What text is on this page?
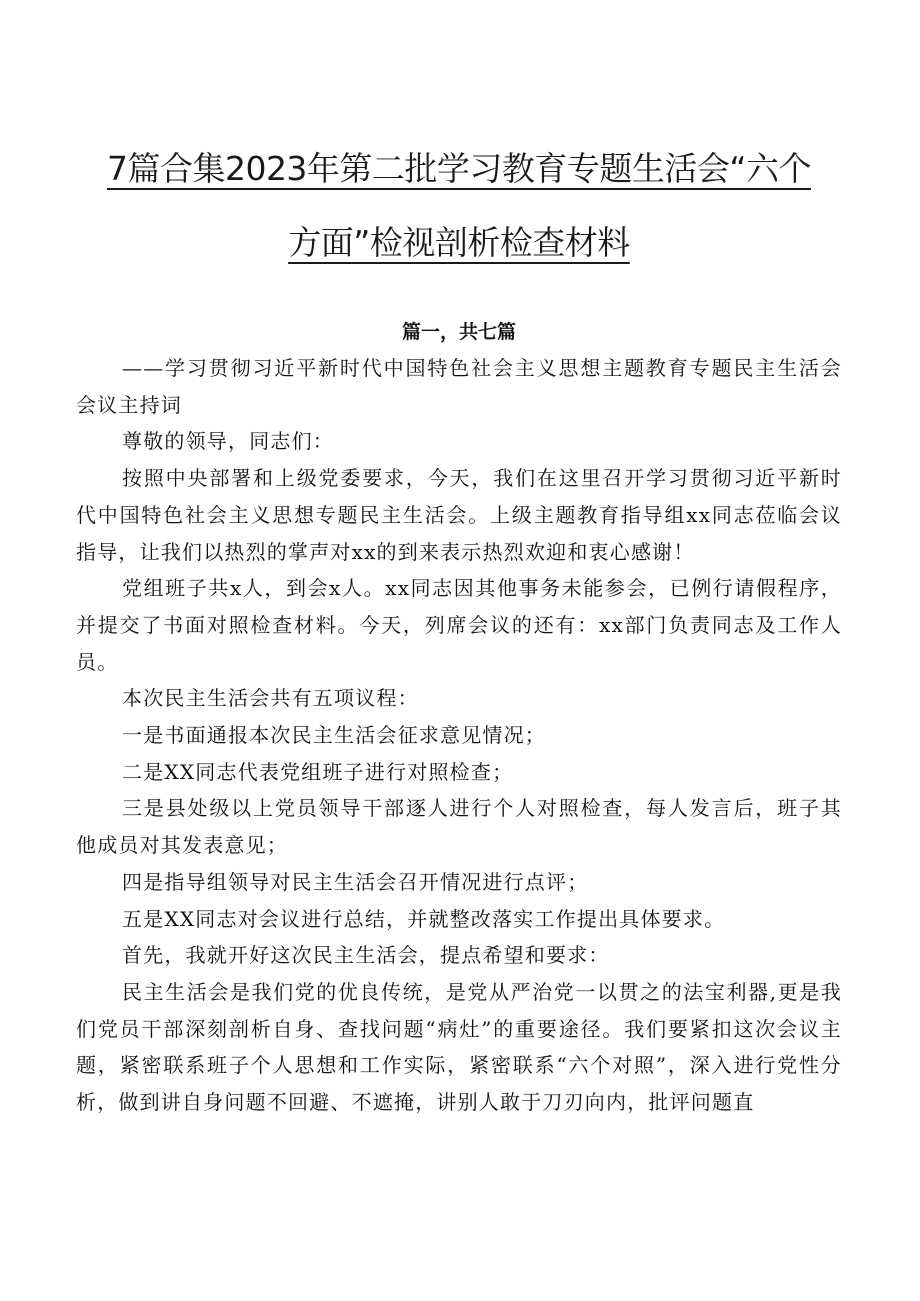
7篇合集2023年第二批学习教育专题生活会“六个
方面”检视剖析检查材料
篇一，共七篇

——学习贯彻习近平新时代中国特色社会主义思想主题教育专题民主生活会会议主持词

尊敬的领导，同志们：

按照中央部署和上级党委要求，今天，我们在这里召开学习贯彻习近平新时代中国特色社会主义思想专题民主生活会。上级主题教育指导组xx同志莅临会议指导，让我们以热烈的掌声对xx的到来表示热烈欢迎和衷心感谢！

党组班子共x人，到会x人。xx同志因其他事务未能参会，已例行请假程序，并提交了书面对照检查材料。今天，列席会议的还有：xx部门负责同志及工作人员。

本次民主生活会共有五项议程：

一是书面通报本次民主生活会征求意见情况；

二是XX同志代表党组班子进行对照检查；

三是县处级以上党员领导干部逐人进行个人对照检查，每人发言后，班子其他成员对其发表意见；

四是指导组领导对民主生活会召开情况进行点评；

五是XX同志对会议进行总结，并就整改落实工作提出具体要求。

首先，我就开好这次民主生活会，提点希望和要求：

民主生活会是我们党的优良传统，是党从严治党一以贯之的法宝利器,更是我们党员干部深刻剖析自身、查找问题“病灶”的重要途径。我们要紧扣这次会议主题，紧密联系班子个人思想和工作实际，紧密联系“六个对照”，深入进行党性分析，做到讲自身问题不回避、不遮掩，讲别人敢于刀刃向内，批评问题直
